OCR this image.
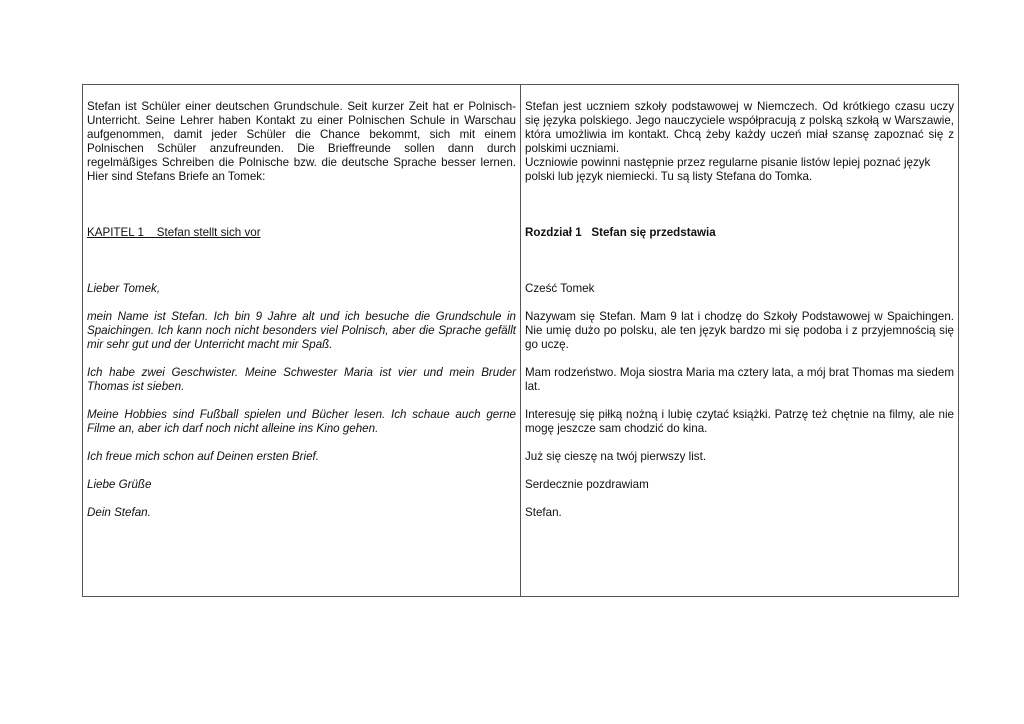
Stefan ist Schüler einer deutschen Grundschule. Seit kurzer Zeit hat er Polnisch-Unterricht. Seine Lehrer haben Kontakt zu einer Polnischen Schule in Warschau aufgenommen, damit jeder Schüler die Chance bekommt, sich mit einem Polnischen Schüler anzufreunden. Die Brieffreunde sollen dann durch regelmäßiges Schreiben die Polnische bzw. die deutsche Sprache besser lernen. Hier sind Stefans Briefe an Tomek:

KAPITEL 1    Stefan stellt sich vor

Lieber Tomek,

mein Name ist Stefan. Ich bin 9 Jahre alt und ich besuche die Grundschule in Spaichingen. Ich kann noch nicht besonders viel Polnisch, aber die Sprache gefällt mir sehr gut und der Unterricht macht mir Spaß.

Ich habe zwei Geschwister. Meine Schwester Maria ist vier und mein Bruder Thomas ist sieben.

Meine Hobbies sind Fußball spielen und Bücher lesen. Ich schaue auch gerne Filme an, aber ich darf noch nicht alleine ins Kino gehen.

Ich freue mich schon auf Deinen ersten Brief.

Liebe Grüße

Dein Stefan.

Stefan jest uczniem szkoły podstawowej w Niemczech. Od krótkiego czasu uczy się języka polskiego. Jego nauczyciele współpracują z polską szkołą w Warszawie, która umożliwia im kontakt. Chcą żeby każdy uczeń miał szansę zapoznać się z polskimi uczniami.

Uczniowie powinni następnie przez regularne pisanie listów lepiej poznać język polski lub język niemiecki. Tu są listy Stefana do Tomka.

Rozdział 1   Stefan się przedstawia

Cześć Tomek

Nazywam się Stefan. Mam 9 lat i chodzę do Szkoły Podstawowej w Spaichingen. Nie umię dużo po polsku, ale ten język bardzo mi się podoba i z przyjemnością się go uczę.

Mam rodzeństwo. Moja siostra Maria ma cztery lata, a mój brat Thomas ma siedem lat.

Interesuję się piłką nożną i lubię czytać książki. Patrzę też chętnie na filmy, ale nie mogę jeszcze sam chodzić do kina.

Już się cieszę na twój pierwszy list.

Serdecznie pozdrawiam

Stefan.
